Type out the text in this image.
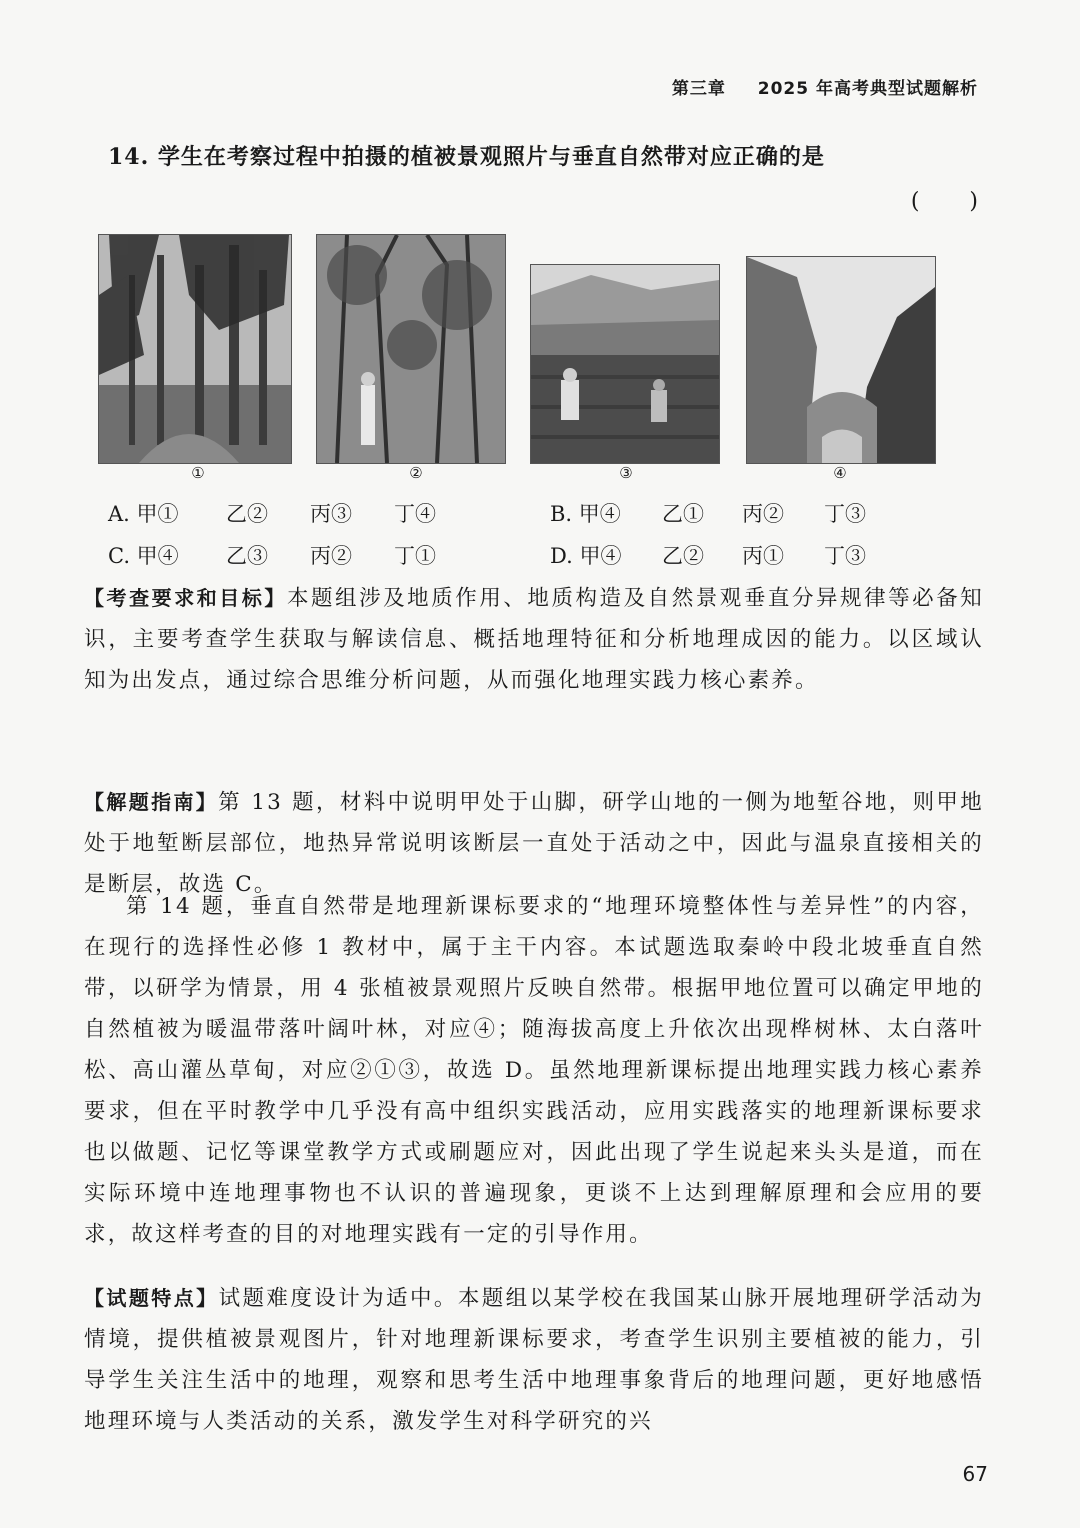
第三章 2025 年高考典型试题解析
14. 学生在考察过程中拍摄的植被景观照片与垂直自然带对应正确的是
(　　)
①	②	③	④
A. 甲① 乙② 丙③ 丁④	B. 甲④ 乙① 丙② 丁③
C. 甲④ 乙③ 丙② 丁①	D. 甲④ 乙② 丙① 丁③
【考查要求和目标】本题组涉及地质作用、地质构造及自然景观垂直分异规律等必备知识，主要考查学生获取与解读信息、概括地理特征和分析地理成因的能力。以区域认知为出发点，通过综合思维分析问题，从而强化地理实践力核心素养。
【解题指南】第 13 题，材料中说明甲处于山脚，研学山地的一侧为地堑谷地，则甲地处于地堑断层部位，地热异常说明该断层一直处于活动之中，因此与温泉直接相关的是断层，故选 C。
第 14 题，垂直自然带是地理新课标要求的“地理环境整体性与差异性”的内容，在现行的选择性必修 1 教材中，属于主干内容。本试题选取秦岭中段北坡垂直自然带，以研学为情景，用 4 张植被景观照片反映自然带。根据甲地位置可以确定甲地的自然植被为暖温带落叶阔叶林，对应④；随海拔高度上升依次出现桦树林、太白落叶松、高山灌丛草甸，对应②①③，故选 D。虽然地理新课标提出地理实践力核心素养要求，但在平时教学中几乎没有高中组织实践活动，应用实践落实的地理新课标要求也以做题、记忆等课堂教学方式或刷题应对，因此出现了学生说起来头头是道，而在实际环境中连地理事物也不认识的普遍现象，更谈不上达到理解原理和会应用的要求，故这样考查的目的对地理实践有一定的引导作用。
【试题特点】试题难度设计为适中。本题组以某学校在我国某山脉开展地理研学活动为情境，提供植被景观图片，针对地理新课标要求，考查学生识别主要植被的能力，引导学生关注生活中的地理，观察和思考生活中地理事象背后的地理问题，更好地感悟地理环境与人类活动的关系，激发学生对科学研究的兴
67
